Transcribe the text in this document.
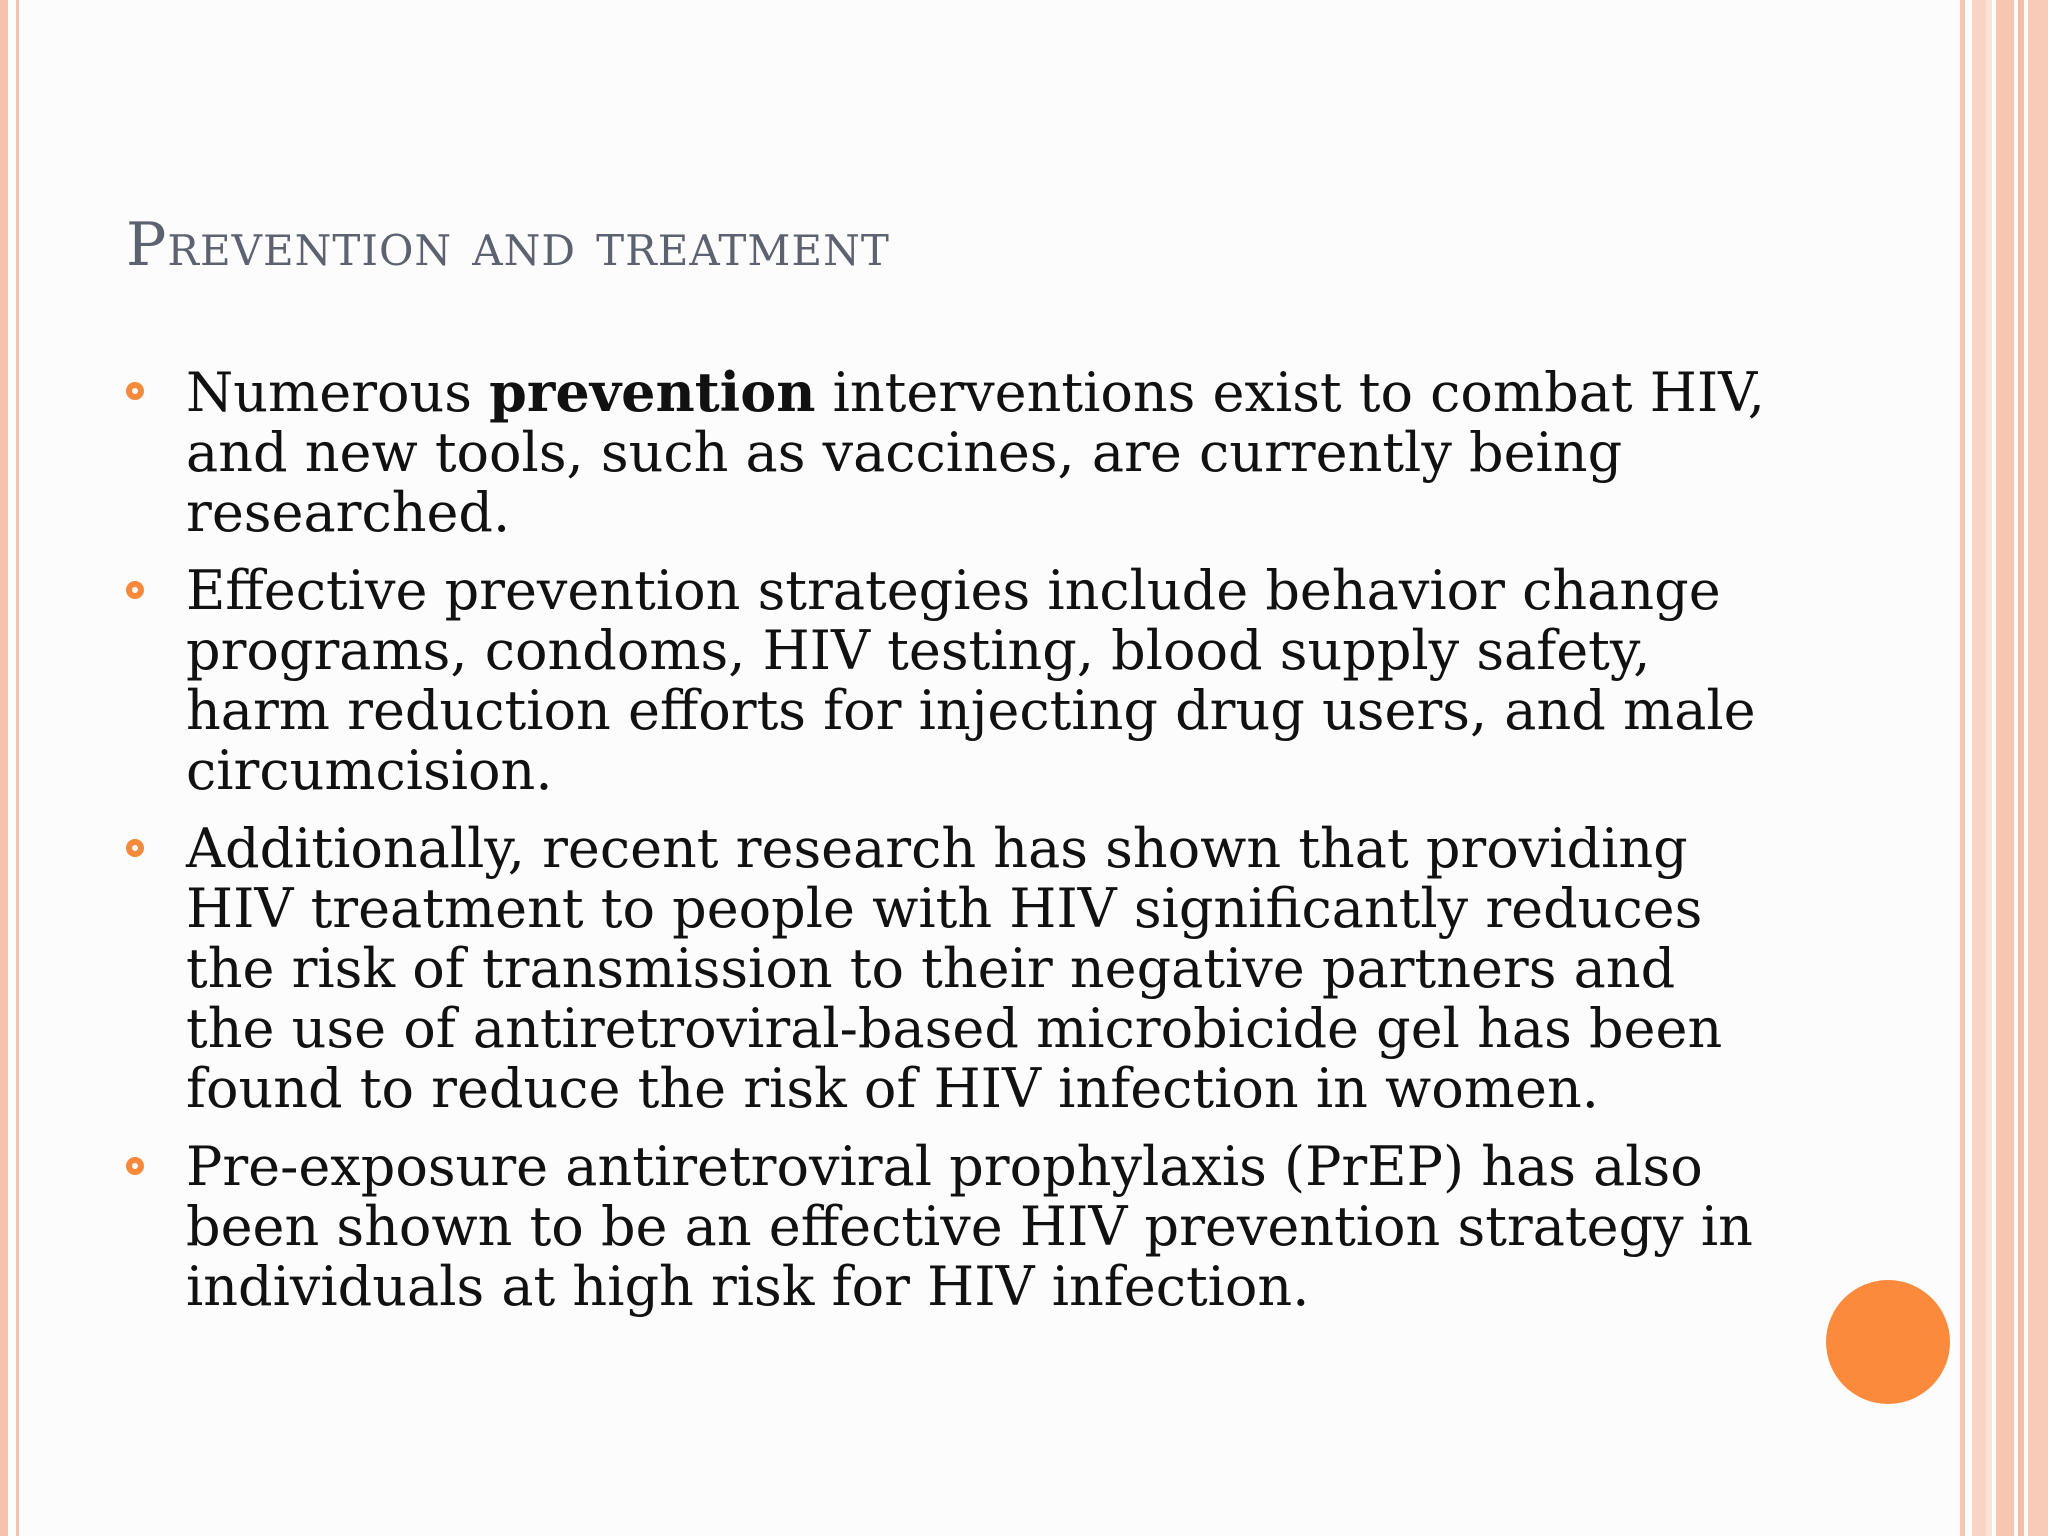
Prevention and treatment
Numerous prevention interventions exist to combat HIV, and new tools, such as vaccines, are currently being researched.
Effective prevention strategies include behavior change programs, condoms, HIV testing, blood supply safety, harm reduction efforts for injecting drug users, and male circumcision.
Additionally, recent research has shown that providing HIV treatment to people with HIV significantly reduces the risk of transmission to their negative partners and the use of antiretroviral-based microbicide gel has been found to reduce the risk of HIV infection in women.
Pre-exposure antiretroviral prophylaxis (PrEP) has also been shown to be an effective HIV prevention strategy in individuals at high risk for HIV infection.
